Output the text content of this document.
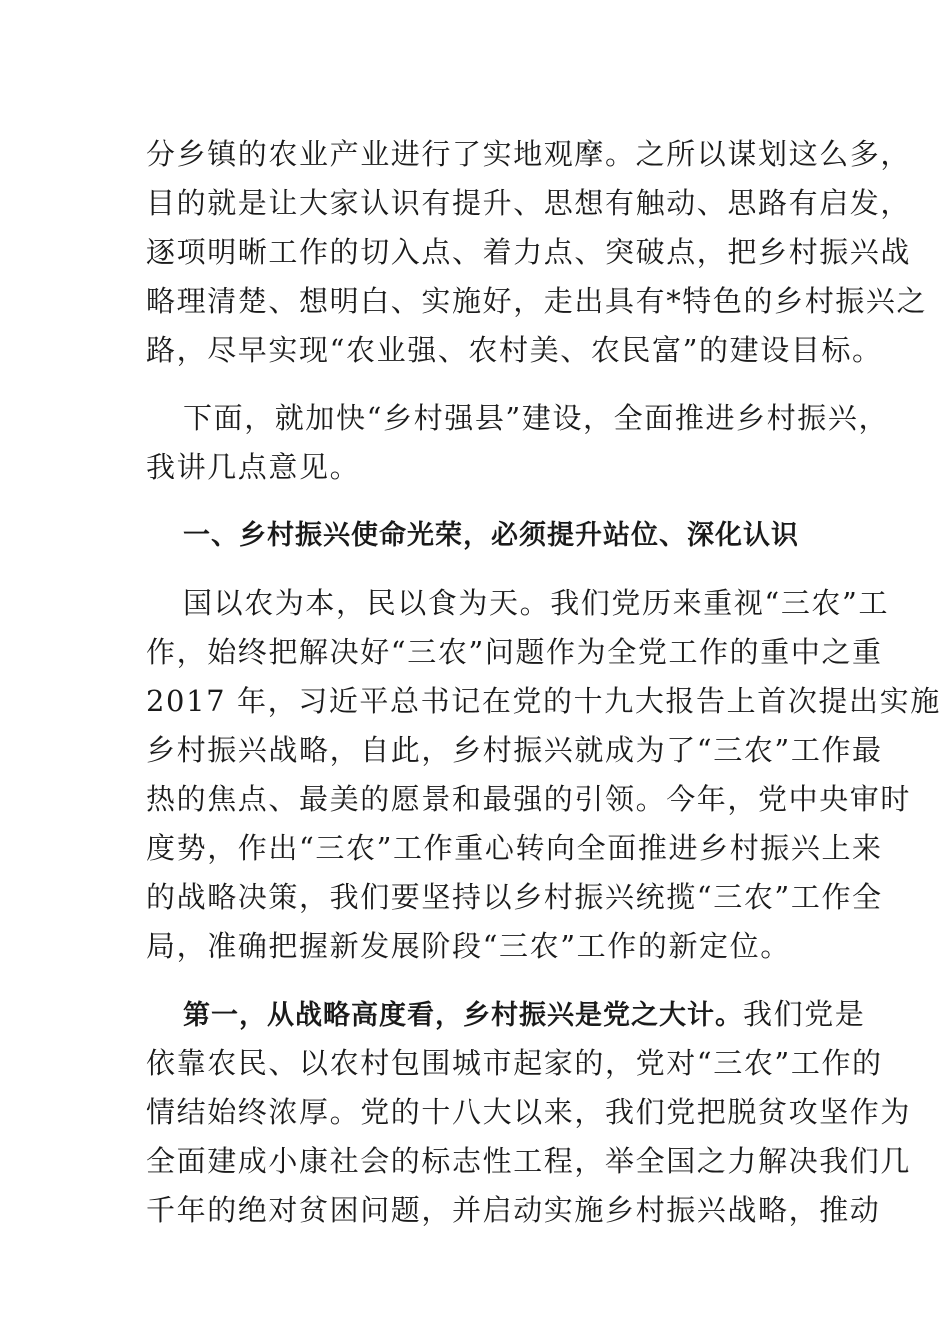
分乡镇的农业产业进行了实地观摩。之所以谋划这么多，
目的就是让大家认识有提升、思想有触动、思路有启发，
逐项明晰工作的切入点、着力点、突破点，把乡村振兴战
略理清楚、想明白、实施好，走出具有*特色的乡村振兴之
路，尽早实现“农业强、农村美、农民富”的建设目标。
下面，就加快“乡村强县”建设，全面推进乡村振兴，
我讲几点意见。
一、乡村振兴使命光荣，必须提升站位、深化认识
国以农为本，民以食为天。我们党历来重视“三农”工
作，始终把解决好“三农”问题作为全党工作的重中之重
2017 年，习近平总书记在党的十九大报告上首次提出实施
乡村振兴战略，自此，乡村振兴就成为了“三农”工作最
热的焦点、最美的愿景和最强的引领。今年，党中央审时
度势，作出“三农”工作重心转向全面推进乡村振兴上来
的战略决策，我们要坚持以乡村振兴统揽“三农”工作全
局，准确把握新发展阶段“三农”工作的新定位。
第一，从战略高度看，乡村振兴是党之大计。我们党是
依靠农民、以农村包围城市起家的，党对“三农”工作的
情结始终浓厚。党的十八大以来，我们党把脱贫攻坚作为
全面建成小康社会的标志性工程，举全国之力解决我们几
千年的绝对贫困问题，并启动实施乡村振兴战略，推动
